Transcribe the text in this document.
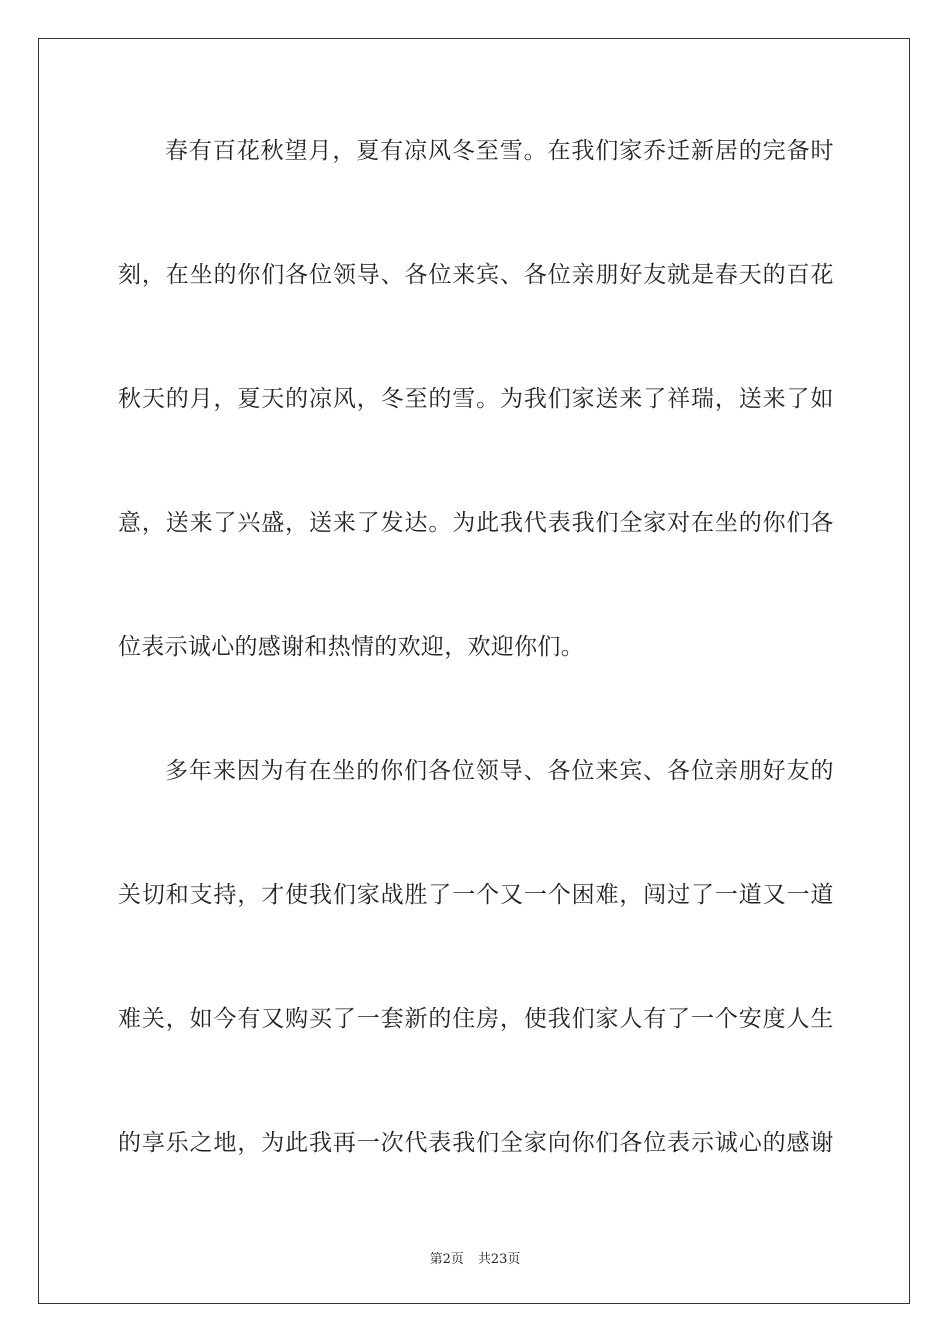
春 有 百 花 秋 望 月 ， 夏 有 凉 风 冬 至 雪 。 在 我 们 家 乔 迁 新 居 的 完 备 时
刻 ， 在 坐 的 你 们 各 位 领 导 、 各 位 来 宾 、 各 位 亲 朋 好 友 就 是 春 天 的 百 花
秋 天 的 月 ， 夏 天 的 凉 风 ， 冬 至 的 雪 。 为 我 们 家 送 来 了 祥 瑞 ， 送 来 了 如
意 ， 送 来 了 兴 盛 ， 送 来 了 发 达 。 为 此 我 代 表 我 们 全 家 对 在 坐 的 你 们 各
位表示诚心的感谢和热情的欢迎，欢迎你们。
多 年 来 因 为 有 在 坐 的 你 们 各 位 领 导 、 各 位 来 宾 、 各 位 亲 朋 好 友 的
关 切 和 支 持 ， 才 使 我 们 家 战 胜 了 一 个 又 一 个 困 难 ， 闯 过 了 一 道 又 一 道
难 关 ， 如 今 有 又 购 买 了 一 套 新 的 住 房 ， 使 我 们 家 人 有 了 一 个 安 度 人 生
的 享 乐 之 地 ， 为 此 我 再 一 次 代 表 我 们 全 家 向 你 们 各 位 表 示 诚 心 的 感 谢
第2页 共23页
